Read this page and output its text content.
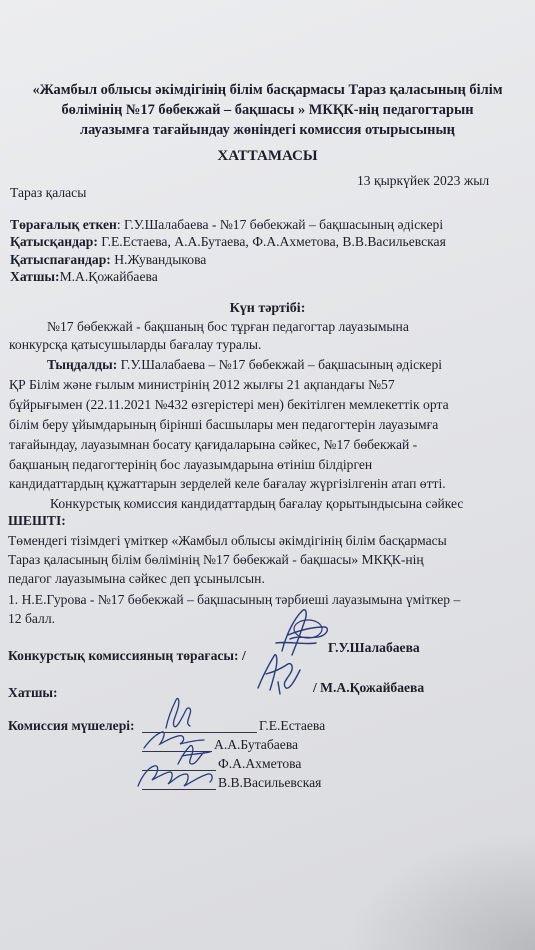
«Жамбыл облысы әкімдігінің білім басқармасы Тараз қаласының білім
бөлімінің №17 бөбекжай – бақшасы » МКҚК-нің педагогтарын
лауазымға тағайындау жөніндегі комиссия отырысының
ХАТТАМАСЫ
Тараз қаласы
13 қыркүйек 2023 жыл
Төрағалық еткен: Г.У.Шалабаева - №17 бөбекжай – бақшасының әдіскері
Қатысқандар: Г.Е.Естаева, А.А.Бутаева, Ф.А.Ахметова, В.В.Васильевская
Қатыспағандар: Н.Жувандыкова
Хатшы:М.А.Қожайбаева
Күн тәртібі:
№17 бөбекжай - бақшаның бос тұрған педагогтар лауазымына
конкурсқа қатысушыларды бағалау туралы.
Тыңдалды: Г.У.Шалабаева – №17 бөбекжай – бақшасының әдіскері
ҚР Білім және ғылым министрінің 2012 жылғы 21 ақпандағы №57
бұйрығымен (22.11.2021 №432 өзгерістері мен) бекітілген мемлекеттік орта
білім беру ұйымдарының бірінші басшылары мен педагогтерін лауазымға
тағайындау, лауазымнан босату қағидаларына сәйкес, №17 бөбекжай -
бақшаның педагогтерінің бос лауазымдарына өтініш білдірген
кандидаттардың құжаттарын зерделей келе бағалау жүргізілгенін атап өтті.
Конкурстық комиссия кандидаттардың бағалау қорытындысына сәйкес
ШЕШТІ:
Төмендегі тізімдегі үміткер «Жамбыл облысы әкімдігінің білім басқармасы
Тараз қаласының білім бөлімінің №17 бөбекжай - бақшасы» МКҚК-нің
педагог лауазымына сәйкес деп ұсынылсын.
1. Н.Е.Гурова - №17 бөбекжай – бақшасының тәрбиеші лауазымына үміткер –
12 балл.
Конкурстық комиссияның төрағасы: /
Г.У.Шалабаева
Хатшы:	/ М.А.Қожайбаева
Комиссия мүшелері:	Г.Е.Естаева
А.А.Бутабаева
Ф.А.Ахметова
В.В.Васильевская
